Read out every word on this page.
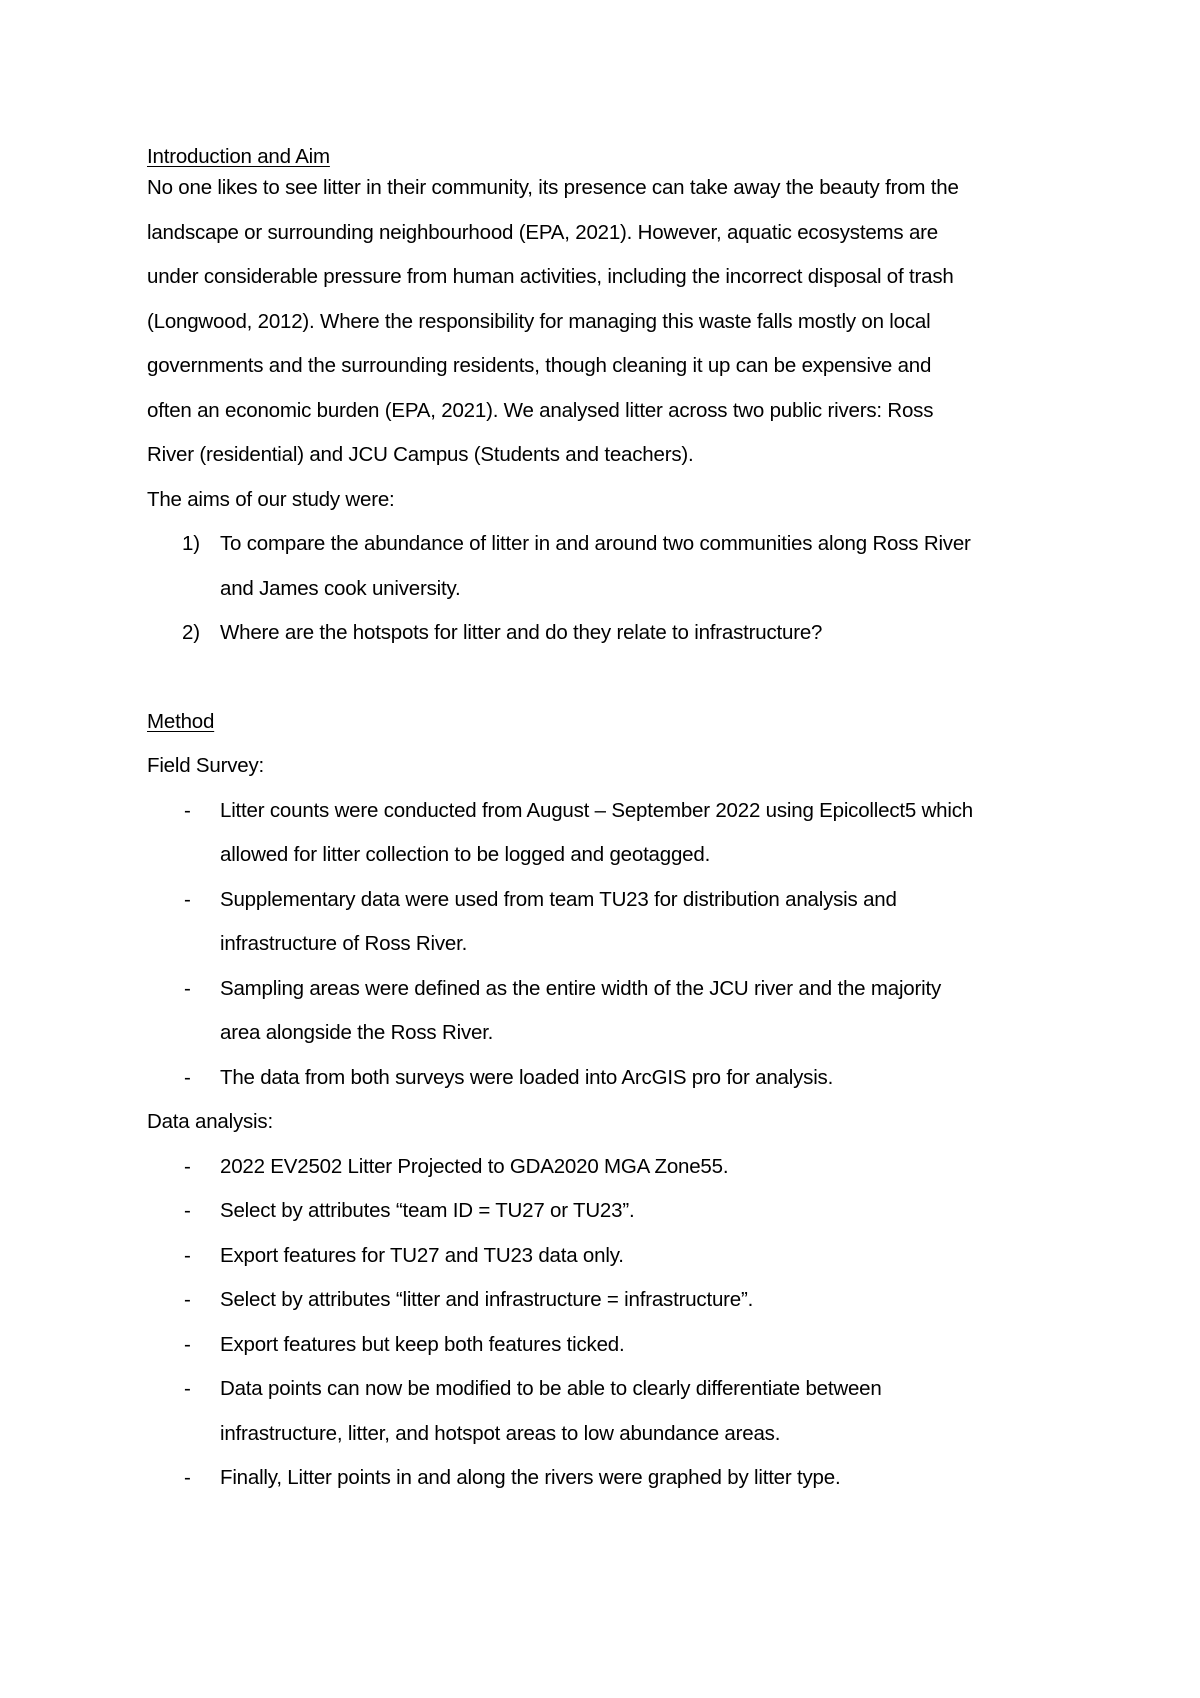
Introduction and Aim
No one likes to see litter in their community, its presence can take away the beauty from the
landscape or surrounding neighbourhood (EPA, 2021). However, aquatic ecosystems are
under considerable pressure from human activities, including the incorrect disposal of trash
(Longwood, 2012). Where the responsibility for managing this waste falls mostly on local
governments and the surrounding residents, though cleaning it up can be expensive and
often an economic burden (EPA, 2021). We analysed litter across two public rivers: Ross
River (residential) and JCU Campus (Students and teachers).
The aims of our study were:
1) To compare the abundance of litter in and around two communities along Ross River
and James cook university.
2) Where are the hotspots for litter and do they relate to infrastructure?
Method
Field Survey:
- Litter counts were conducted from August – September 2022 using Epicollect5 which
allowed for litter collection to be logged and geotagged.
- Supplementary data were used from team TU23 for distribution analysis and
infrastructure of Ross River.
- Sampling areas were defined as the entire width of the JCU river and the majority
area alongside the Ross River.
- The data from both surveys were loaded into ArcGIS pro for analysis.
Data analysis:
- 2022 EV2502 Litter Projected to GDA2020 MGA Zone55.
- Select by attributes “team ID = TU27 or TU23”.
- Export features for TU27 and TU23 data only.
- Select by attributes “litter and infrastructure = infrastructure”.
- Export features but keep both features ticked.
- Data points can now be modified to be able to clearly differentiate between
infrastructure, litter, and hotspot areas to low abundance areas.
- Finally, Litter points in and along the rivers were graphed by litter type.
